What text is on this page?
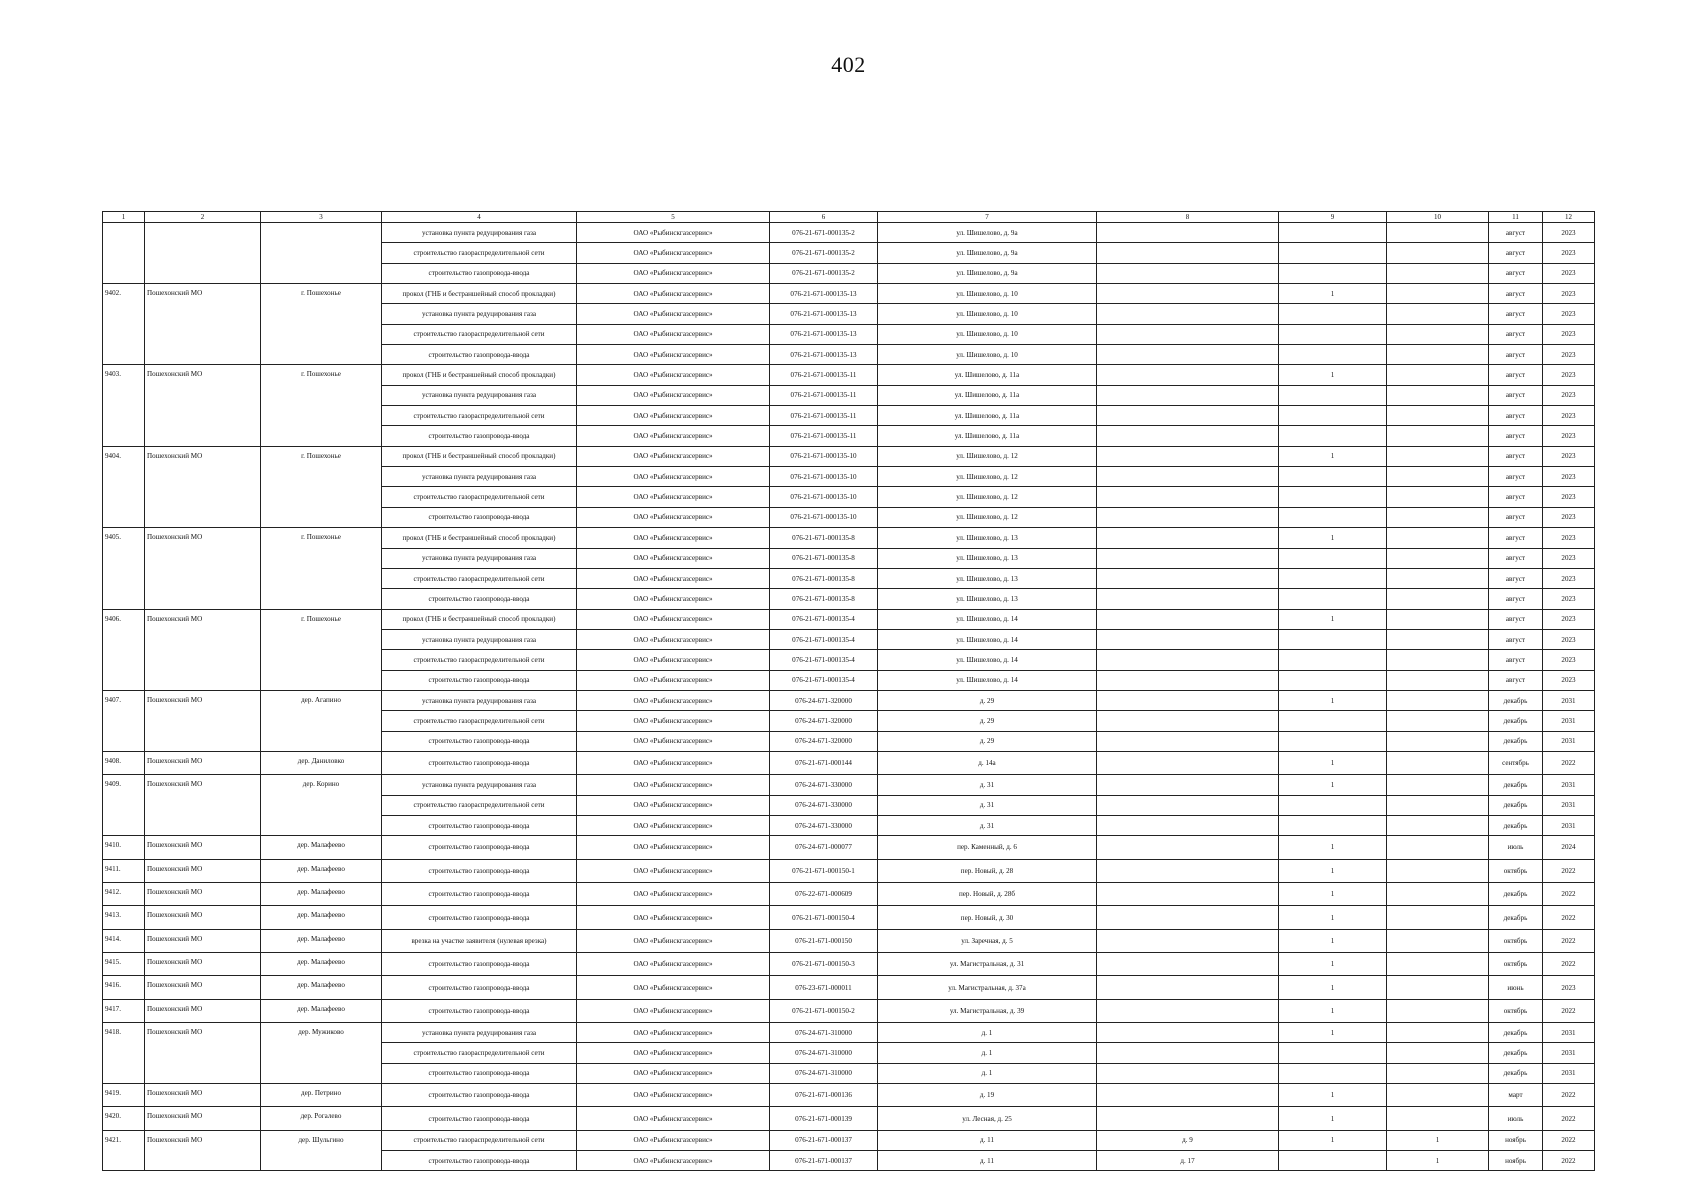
402
1	2	3	4	5	6	7	8	9	10	11	12
			установка пункта редуцирования газа	ОАО «Рыбинскгазсервис»	076-21-671-000135-2	ул. Шишелово, д. 9а				август	2023
			строительство газораспределительной сети	ОАО «Рыбинскгазсервис»	076-21-671-000135-2	ул. Шишелово, д. 9а				август	2023
			строительство газопровода-ввода	ОАО «Рыбинскгазсервис»	076-21-671-000135-2	ул. Шишелово, д. 9а				август	2023
9402.	Пошехонский МО	г. Пошехонье	прокол (ГНБ и бестраншейный способ прокладки)	ОАО «Рыбинскгазсервис»	076-21-671-000135-13	ул. Шишелово, д. 10		1		август	2023
			установка пункта редуцирования газа	ОАО «Рыбинскгазсервис»	076-21-671-000135-13	ул. Шишелово, д. 10				август	2023
			строительство газораспределительной сети	ОАО «Рыбинскгазсервис»	076-21-671-000135-13	ул. Шишелово, д. 10				август	2023
			строительство газопровода-ввода	ОАО «Рыбинскгазсервис»	076-21-671-000135-13	ул. Шишелово, д. 10				август	2023
9403.	Пошехонский МО	г. Пошехонье	прокол (ГНБ и бестраншейный способ прокладки)	ОАО «Рыбинскгазсервис»	076-21-671-000135-11	ул. Шишелово, д. 11а		1		август	2023
			установка пункта редуцирования газа	ОАО «Рыбинскгазсервис»	076-21-671-000135-11	ул. Шишелово, д. 11а				август	2023
			строительство газораспределительной сети	ОАО «Рыбинскгазсервис»	076-21-671-000135-11	ул. Шишелово, д. 11а				август	2023
			строительство газопровода-ввода	ОАО «Рыбинскгазсервис»	076-21-671-000135-11	ул. Шишелово, д. 11а				август	2023
9404.	Пошехонский МО	г. Пошехонье	прокол (ГНБ и бестраншейный способ прокладки)	ОАО «Рыбинскгазсервис»	076-21-671-000135-10	ул. Шишелово, д. 12		1		август	2023
			установка пункта редуцирования газа	ОАО «Рыбинскгазсервис»	076-21-671-000135-10	ул. Шишелово, д. 12				август	2023
			строительство газораспределительной сети	ОАО «Рыбинскгазсервис»	076-21-671-000135-10	ул. Шишелово, д. 12				август	2023
			строительство газопровода-ввода	ОАО «Рыбинскгазсервис»	076-21-671-000135-10	ул. Шишелово, д. 12				август	2023
9405.	Пошехонский МО	г. Пошехонье	прокол (ГНБ и бестраншейный способ прокладки)	ОАО «Рыбинскгазсервис»	076-21-671-000135-8	ул. Шишелово, д. 13		1		август	2023
			установка пункта редуцирования газа	ОАО «Рыбинскгазсервис»	076-21-671-000135-8	ул. Шишелово, д. 13				август	2023
			строительство газораспределительной сети	ОАО «Рыбинскгазсервис»	076-21-671-000135-8	ул. Шишелово, д. 13				август	2023
			строительство газопровода-ввода	ОАО «Рыбинскгазсервис»	076-21-671-000135-8	ул. Шишелово, д. 13				август	2023
9406.	Пошехонский МО	г. Пошехонье	прокол (ГНБ и бестраншейный способ прокладки)	ОАО «Рыбинскгазсервис»	076-21-671-000135-4	ул. Шишелово, д. 14		1		август	2023
			установка пункта редуцирования газа	ОАО «Рыбинскгазсервис»	076-21-671-000135-4	ул. Шишелово, д. 14				август	2023
			строительство газораспределительной сети	ОАО «Рыбинскгазсервис»	076-21-671-000135-4	ул. Шишелово, д. 14				август	2023
			строительство газопровода-ввода	ОАО «Рыбинскгазсервис»	076-21-671-000135-4	ул. Шишелово, д. 14				август	2023
9407.	Пошехонский МО	дер. Агапино	установка пункта редуцирования газа	ОАО «Рыбинскгазсервис»	076-24-671-320000	д. 29		1		декабрь	2031
			строительство газораспределительной сети	ОАО «Рыбинскгазсервис»	076-24-671-320000	д. 29				декабрь	2031
			строительство газопровода-ввода	ОАО «Рыбинскгазсервис»	076-24-671-320000	д. 29				декабрь	2031
9408.	Пошехонский МО	дер. Даниловко	строительство газопровода-ввода	ОАО «Рыбинскгазсервис»	076-21-671-000144	д. 14а		1		сентябрь	2022
9409.	Пошехонский МО	дер. Корино	установка пункта редуцирования газа	ОАО «Рыбинскгазсервис»	076-24-671-330000	д. 31		1		декабрь	2031
			строительство газораспределительной сети	ОАО «Рыбинскгазсервис»	076-24-671-330000	д. 31				декабрь	2031
			строительство газопровода-ввода	ОАО «Рыбинскгазсервис»	076-24-671-330000	д. 31				декабрь	2031
9410.	Пошехонский МО	дер. Малафеево	строительство газопровода-ввода	ОАО «Рыбинскгазсервис»	076-24-671-000077	пер. Каменный, д. 6		1		июль	2024
9411.	Пошехонский МО	дер. Малафеево	строительство газопровода-ввода	ОАО «Рыбинскгазсервис»	076-21-671-000150-1	пер. Новый, д. 28		1		октябрь	2022
9412.	Пошехонский МО	дер. Малафеево	строительство газопровода-ввода	ОАО «Рыбинскгазсервис»	076-22-671-000609	пер. Новый, д. 28б		1		декабрь	2022
9413.	Пошехонский МО	дер. Малафеево	строительство газопровода-ввода	ОАО «Рыбинскгазсервис»	076-21-671-000150-4	пер. Новый, д. 30		1		декабрь	2022
9414.	Пошехонский МО	дер. Малафеево	врезка на участке заявителя (нулевая врезка)	ОАО «Рыбинскгазсервис»	076-21-671-000150	ул. Заречная, д. 5		1		октябрь	2022
9415.	Пошехонский МО	дер. Малафеево	строительство газопровода-ввода	ОАО «Рыбинскгазсервис»	076-21-671-000150-3	ул. Магистральная, д. 31		1		октябрь	2022
9416.	Пошехонский МО	дер. Малафеево	строительство газопровода-ввода	ОАО «Рыбинскгазсервис»	076-23-671-000011	ул. Магистральная, д. 37а		1		июнь	2023
9417.	Пошехонский МО	дер. Малафеево	строительство газопровода-ввода	ОАО «Рыбинскгазсервис»	076-21-671-000150-2	ул. Магистральная, д. 39		1		октябрь	2022
9418.	Пошехонский МО	дер. Мужиково	установка пункта редуцирования газа	ОАО «Рыбинскгазсервис»	076-24-671-310000	д. 1		1		декабрь	2031
			строительство газораспределительной сети	ОАО «Рыбинскгазсервис»	076-24-671-310000	д. 1				декабрь	2031
			строительство газопровода-ввода	ОАО «Рыбинскгазсервис»	076-24-671-310000	д. 1				декабрь	2031
9419.	Пошехонский МО	дер. Петрино	строительство газопровода-ввода	ОАО «Рыбинскгазсервис»	076-21-671-000136	д. 19		1		март	2022
9420.	Пошехонский МО	дер. Рогалево	строительство газопровода-ввода	ОАО «Рыбинскгазсервис»	076-21-671-000139	ул. Лесная, д. 25		1		июль	2022
9421.	Пошехонский МО	дер. Шульгино	строительство газораспределительной сети	ОАО «Рыбинскгазсервис»	076-21-671-000137	д. 11	д. 9	1	1	ноябрь	2022
			строительство газопровода-ввода	ОАО «Рыбинскгазсервис»	076-21-671-000137	д. 11	д. 17		1	ноябрь	2022
